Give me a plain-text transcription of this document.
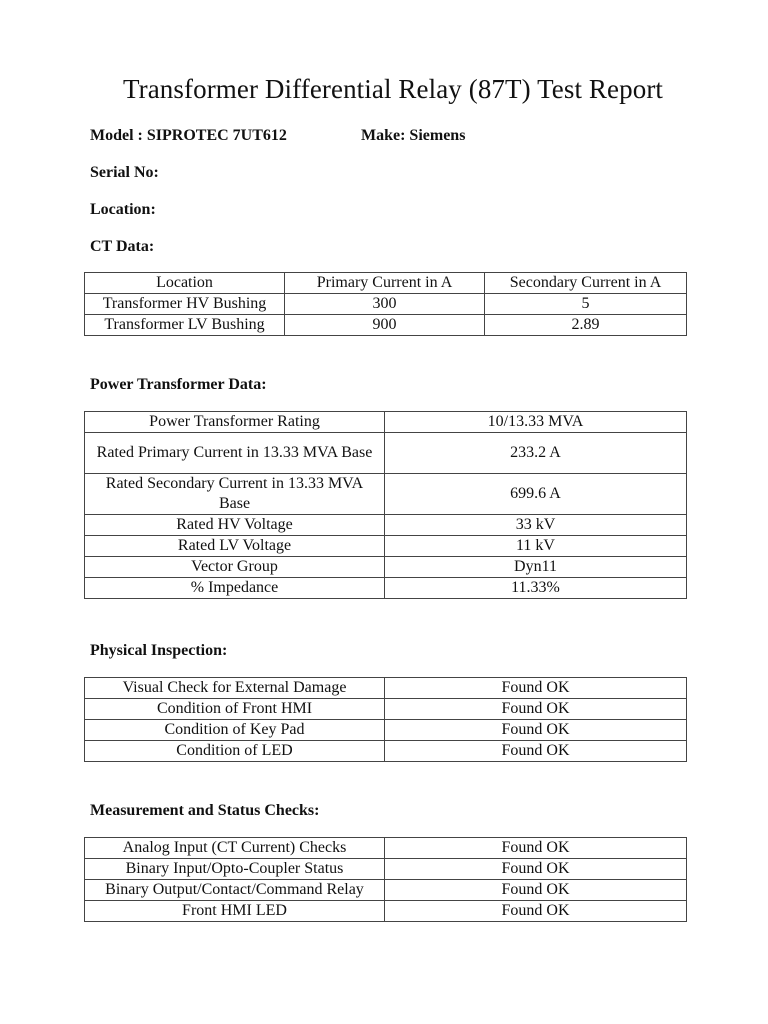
Transformer Differential Relay (87T) Test Report
Model : SIPROTEC 7UT612	Make: Siemens
Serial No:
Location:
CT Data:
Location	Primary Current in A	Secondary Current in A
Transformer HV Bushing	300	5
Transformer LV Bushing	900	2.89
Power Transformer Data:
Power Transformer Rating	10/13.33 MVA
Rated Primary Current in 13.33 MVA Base	233.2 A
Rated Secondary Current in 13.33 MVA Base	699.6 A
Rated HV Voltage	33 kV
Rated LV Voltage	11 kV
Vector Group	Dyn11
% Impedance	11.33%
Physical Inspection:
Visual Check for External Damage	Found OK
Condition of Front HMI	Found OK
Condition of Key Pad	Found OK
Condition of LED	Found OK
Measurement and Status Checks:
Analog Input (CT Current) Checks	Found OK
Binary Input/Opto-Coupler Status	Found OK
Binary Output/Contact/Command Relay	Found OK
Front HMI LED	Found OK
